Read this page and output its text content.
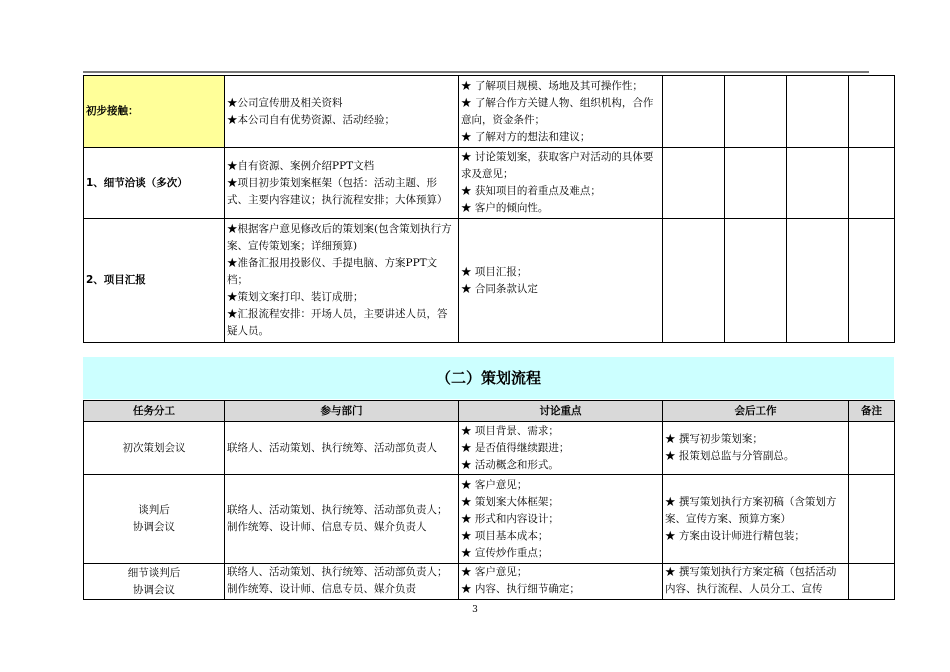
初步接触：	★公司宣传册及相关资料
★本公司自有优势资源、活动经验；	★ 了解项目规模、场地及其可操作性；
★ 了解合作方关键人物、组织机构，合作意向，资金条件；
★ 了解对方的想法和建议；				

1、细节洽谈（多次）	★自有资源、案例介绍PPT文档
★项目初步策划案框架（包括：活动主题、形式、主要内容建议；执行流程安排；大体预算）	★ 讨论策划案，获取客户对活动的具体要求及意见；
★ 获知项目的着重点及难点；
★ 客户的倾向性。				

2、项目汇报	★根据客户意见修改后的策划案(包含策划执行方案、宣传策划案；详细预算)
★准备汇报用投影仪、手提电脑、方案PPT文档；
★策划文案打印、装订成册；
★汇报流程安排：开场人员，主要讲述人员，答疑人员。	★ 项目汇报；
★ 合同条款认定				

（二）策划流程
任务分工	参与部门	讨论重点	会后工作	备注
初次策划会议	联络人、活动策划、执行统筹、活动部负责人	★ 项目背景、需求；
★ 是否值得继续跟进；
★ 活动概念和形式。	★ 撰写初步策划案；
★ 报策划总监与分管副总。	

谈判后
协调会议	联络人、活动策划、执行统筹、活动部负责人；制作统筹、设计师、信息专员、媒介负责人	★ 客户意见；
★ 策划案大体框架；
★ 形式和内容设计；
★ 项目基本成本；
★ 宣传炒作重点；	★ 撰写策划执行方案初稿（含策划方案、宣传方案、预算方案）
★ 方案由设计师进行精包装；	

细节谈判后
协调会议	联络人、活动策划、执行统筹、活动部负责人；制作统筹、设计师、信息专员、媒介负责	★ 客户意见；
★ 内容、执行细节确定；	★ 撰写策划执行方案定稿（包括活动内容、执行流程、人员分工、宣传	

3
